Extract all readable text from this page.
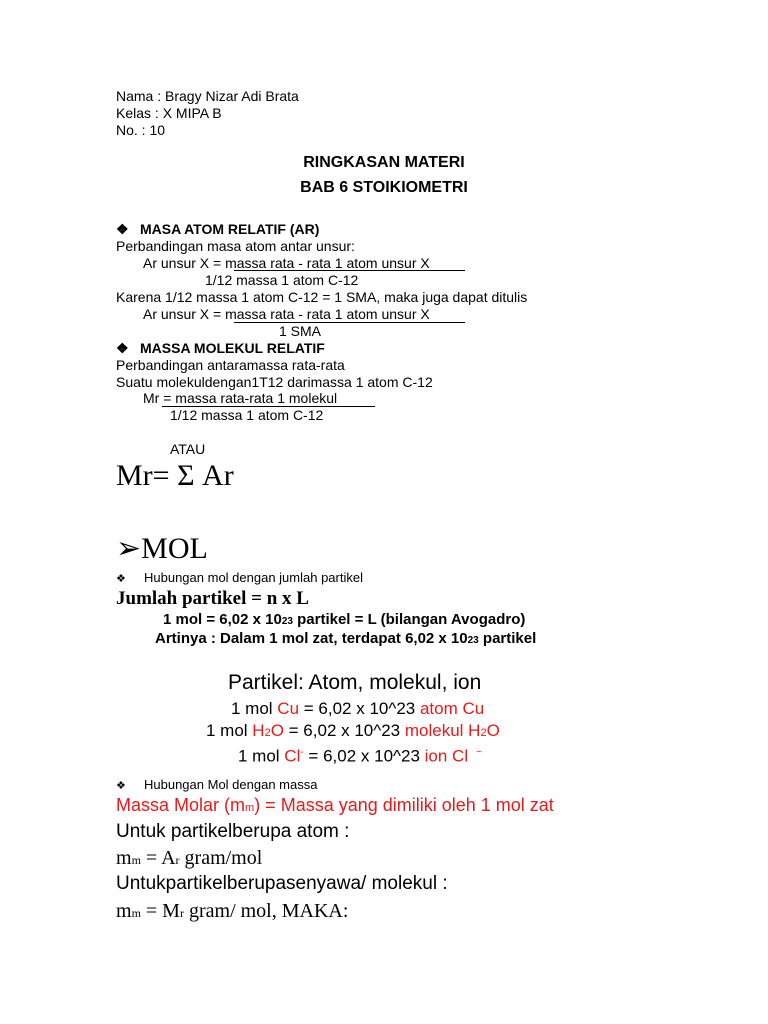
Nama : Bragy Nizar Adi Brata
Kelas : X MIPA B
No. : 10
RINGKASAN MATERI
BAB 6 STOIKIOMETRI
❖ MASA ATOM RELATIF (AR)
Perbandingan masa atom antar unsur:
Ar unsur X = massa rata - rata 1 atom unsur X
1/12 massa 1 atom C-12
Karena 1/12 massa 1 atom C-12 = 1 SMA, maka juga dapat ditulis
Ar unsur X = massa rata - rata 1 atom unsur X
1 SMA
❖ MASSA MOLEKUL RELATIF
Perbandingan antaramassa rata-rata
Suatu molekuldengan1T12 darimassa 1 atom C-12
Mr = massa rata-rata 1 molekul
1/12 massa 1 atom C-12
ATAU
Mr= Σ Ar
➢MOL
❖ Hubungan mol dengan jumlah partikel
Jumlah partikel = n x L
1 mol = 6,02 x 1023 partikel = L (bilangan Avogadro)
Artinya : Dalam 1 mol zat, terdapat 6,02 x 1023 partikel
Partikel: Atom, molekul, ion
1 mol Cu = 6,02 x 10^23 atom Cu
1 mol H2O = 6,02 x 10^23 molekul H2O
1 mol Cl- = 6,02 x 10^23 ion Cl ~
❖ Hubungan Mol dengan massa
Massa Molar (mm) = Massa yang dimiliki oleh 1 mol zat
Untuk partikelberupa atom :
mm = Ar gram/mol
Untukpartikelberupasenyawa/ molekul :
mm = Mr gram/ mol, MAKA:
